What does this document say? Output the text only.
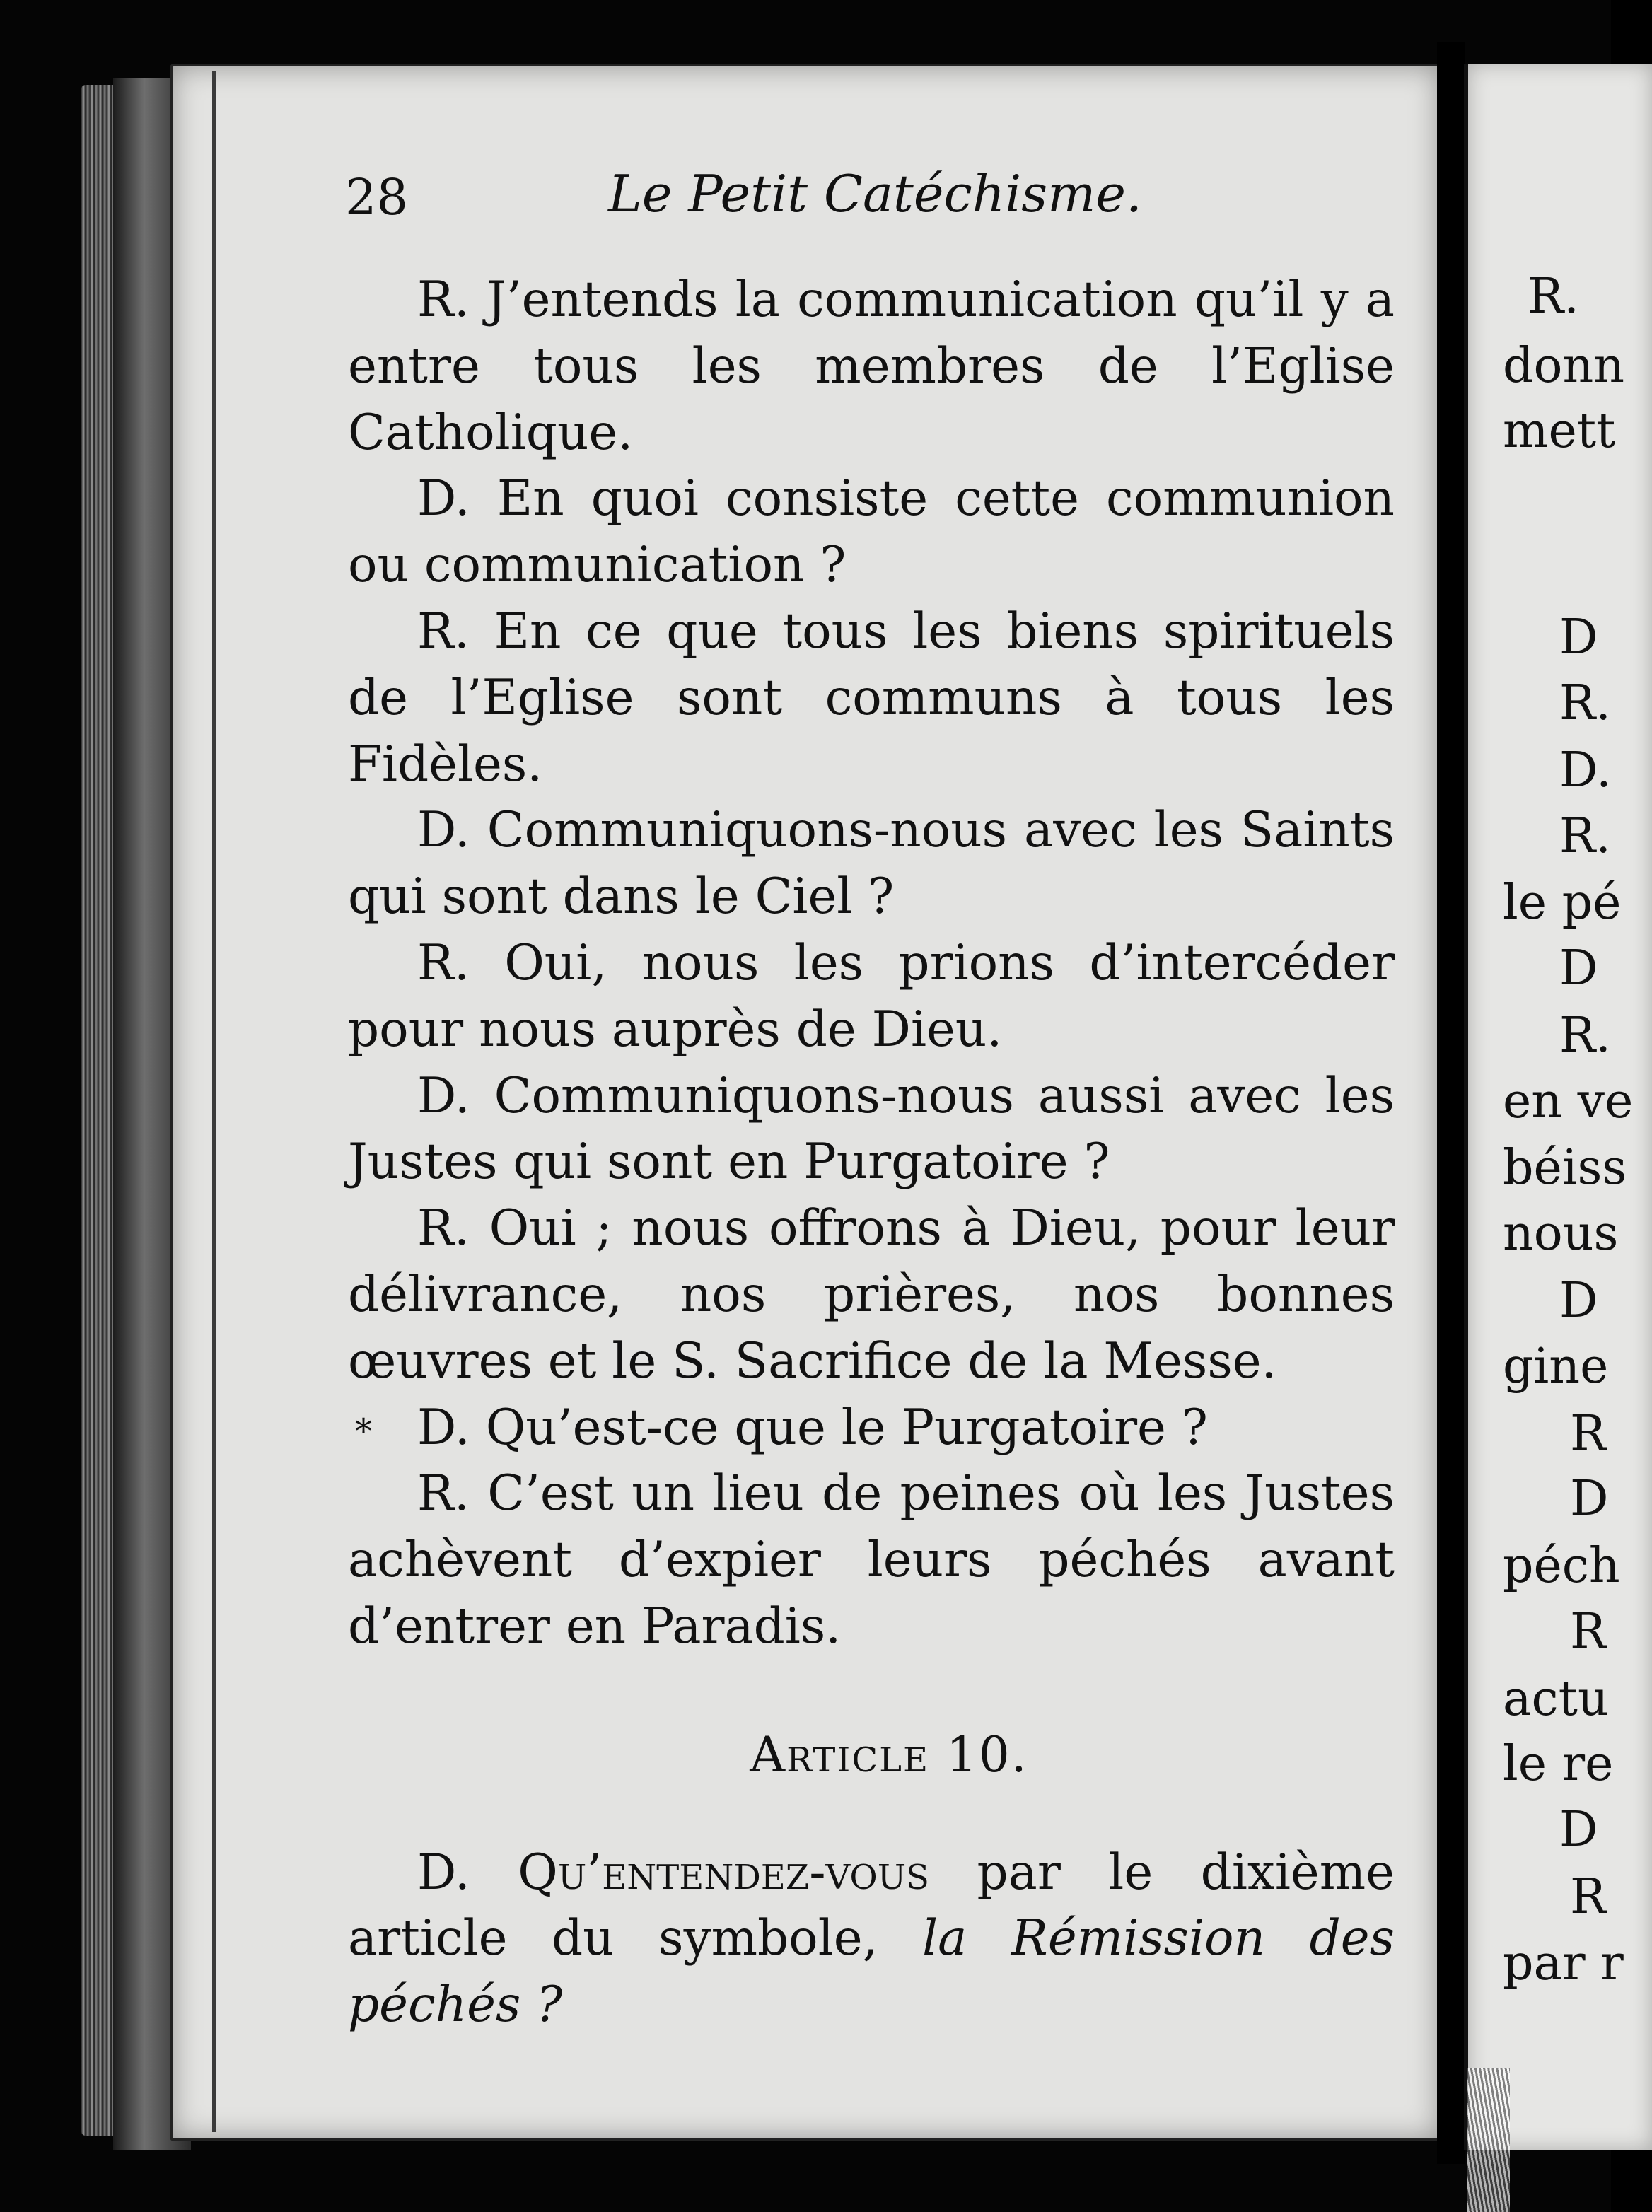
28	Le Petit Catéchisme.

R. J’entends la communication qu’il y a entre tous les membres de l’Eglise Catholique.

D. En quoi consiste cette communion ou communication ?

R. En ce que tous les biens spirituels de l’Eglise sont communs à tous les Fidèles.

D. Communiquons-nous avec les Saints qui sont dans le Ciel ?

R. Oui, nous les prions d’intercéder pour nous auprès de Dieu.

D. Communiquons-nous aussi avec les Justes qui sont en Purgatoire ?

R. Oui ; nous offrons à Dieu, pour leur délivrance, nos prières, nos bonnes œuvres et le S. Sacrifice de la Messe.

* D. Qu’est-ce que le Purgatoire ?

R. C’est un lieu de peines où les Justes achèvent d’expier leurs péchés avant d’entrer en Paradis.

Article 10.

D. Qu’entendez-vous par le dixième article du symbole, la Rémission des péchés ?

R.
donn
mett
D
R.
D.
R.
le pé
D
R.
en ve
béiss
nous
D
gine
R
D
péch
R
actu
le re
D
R
par r
